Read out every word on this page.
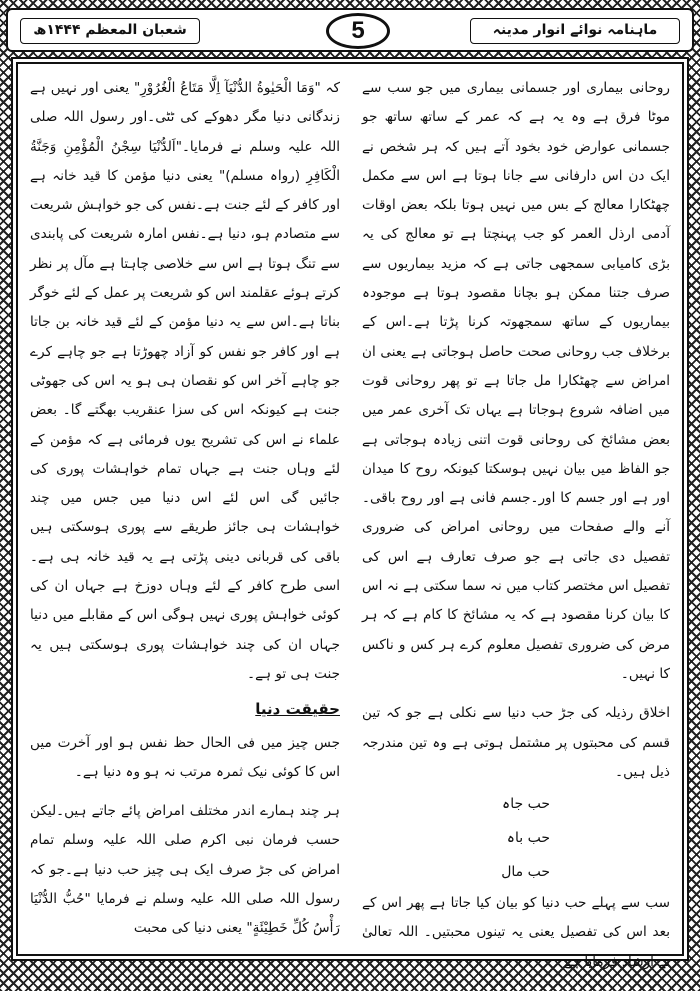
ماہنامہ نوائے انوار مدینہ
5
شعبان المعظم ۱۴۴۴ھ

روحانی بیماری اور جسمانی بیماری میں جو سب سے موٹا فرق ہے وہ یہ ہے کہ عمر کے ساتھ ساتھ جو جسمانی عوارض خود بخود آتے ہیں کہ ہر شخص نے ایک دن اس دارفانی سے جانا ہوتا ہے اس سے مکمل چھٹکارا معالج کے بس میں نہیں ہوتا بلکہ بعض اوقات آدمی ارذل العمر کو جب پہنچتا ہے تو معالج کی یہ بڑی کامیابی سمجھی جاتی ہے کہ مزید بیماریوں سے صرف جتنا ممکن ہو بچانا مقصود ہوتا ہے موجودہ بیماریوں کے ساتھ سمجھوتہ کرنا پڑتا ہے۔اس کے برخلاف جب روحانی صحت حاصل ہوجاتی ہے یعنی ان امراض سے چھٹکارا مل جاتا ہے تو پھر روحانی قوت میں اضافہ شروع ہوجاتا ہے یہاں تک آخری عمر میں بعض مشائخ کی روحانی قوت اتنی زیادہ ہوجاتی ہے جو الفاظ میں بیان نہیں ہوسکتا کیونکہ روح کا میدان اور ہے اور جسم کا اور۔جسم فانی ہے اور روح باقی۔ آنے والے صفحات میں روحانی امراض کی ضروری تفصیل دی جاتی ہے جو صرف تعارف ہے اس کی تفصیل اس مختصر کتاب میں نہ سما سکتی ہے نہ اس کا بیان کرنا مقصود ہے کہ یہ مشائخ کا کام ہے کہ ہر مرض کی ضروری تفصیل معلوم کرے ہر کس و ناکس کا نہیں۔

اخلاق رذیلہ کی جڑ حب دنیا سے نکلی ہے جو کہ تین قسم کی محبتوں پر مشتمل ہوتی ہے وہ تین مندرجہ ذیل ہیں۔

حب جاہ
حب باہ
حب مال

سب سے پہلے حب دنیا کو بیان کیا جاتا ہے پھر اس کے بعد اس کی تفصیل یعنی یہ تینوں محبتیں۔ اللہ تعالیٰ نے ارشاد فرمایا ہے

کہ "وَمَا الْحَيٰوةُ الدُّنْيَآ اِلَّا مَتَاعُ الْغُرُوْرِ" یعنی اور نہیں ہے زندگانی دنیا مگر دھوکے کی ٹٹی۔اور رسول اللہ صلی اللہ علیہ وسلم نے فرمایا۔"اَلدُّنْيَا سِجْنُ الْمُؤْمِنِ وَجَنَّةُ الْكَافِرِ (رواہ مسلم)" یعنی دنیا مؤمن کا قید خانہ ہے اور کافر کے لئے جنت ہے۔نفس کی جو خواہش شریعت سے متصادم ہو، دنیا ہے۔نفس امارہ شریعت کی پابندی سے تنگ ہوتا ہے اس سے خلاصی چاہتا ہے مآل پر نظر کرتے ہوئے عقلمند اس کو شریعت پر عمل کے لئے خوگر بناتا ہے۔اس سے یہ دنیا مؤمن کے لئے قید خانہ بن جاتا ہے اور کافر جو نفس کو آزاد چھوڑتا ہے جو چاہے کرے جو چاہے آخر اس کو نقصان ہی ہو یہ اس کی جھوٹی جنت ہے کیونکہ اس کی سزا عنقریب بھگتے گا۔ بعض علماء نے اس کی تشریح یوں فرمائی ہے کہ مؤمن کے لئے وہاں جنت ہے جہاں تمام خواہشات پوری کی جائیں گی اس لئے اس دنیا میں جس میں چند خواہشات ہی جائز طریقے سے پوری ہوسکتی ہیں باقی کی قربانی دینی پڑتی ہے یہ قید خانہ ہی ہے۔اسی طرح کافر کے لئے وہاں دوزخ ہے جہاں ان کی کوئی خواہش پوری نہیں ہوگی اس کے مقابلے میں دنیا جہاں ان کی چند خواہشات پوری ہوسکتی ہیں یہ جنت ہی تو ہے۔

حقیقت دنیا

جس چیز میں فی الحال حظ نفس ہو اور آخرت میں اس کا کوئی نیک ثمرہ مرتب نہ ہو وہ دنیا ہے۔

ہر چند ہمارے اندر مختلف امراض پائے جاتے ہیں۔لیکن حسب فرمان نبی اکرم صلی اللہ علیہ وسلم تمام امراض کی جڑ صرف ایک ہی چیز حب دنیا ہے۔جو کہ رسول اللہ صلی اللہ علیہ وسلم نے فرمایا "حُبُّ الدُّنْيَا رَأْسُ كُلِّ خَطِيْئَةٍ" یعنی دنیا کی محبت
